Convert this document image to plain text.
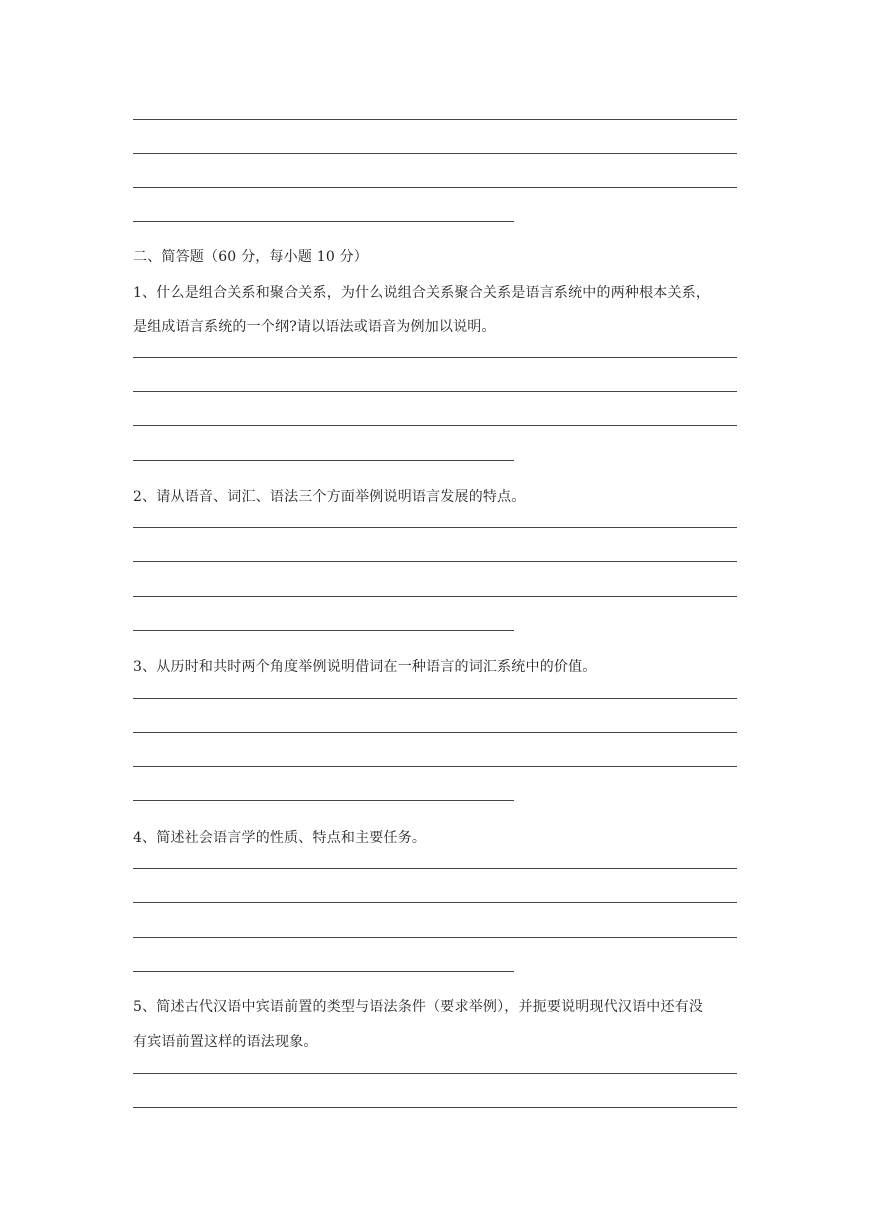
二、简答题（60 分，每小题 10 分）
1、什么是组合关系和聚合关系，为什么说组合关系聚合关系是语言系统中的两种根本关系，
是组成语言系统的一个纲?请以语法或语音为例加以说明。
2、请从语音、词汇、语法三个方面举例说明语言发展的特点。
3、从历时和共时两个角度举例说明借词在一种语言的词汇系统中的价值。
4、简述社会语言学的性质、特点和主要任务。
5、简述古代汉语中宾语前置的类型与语法条件（要求举例），并扼要说明现代汉语中还有没
有宾语前置这样的语法现象。
